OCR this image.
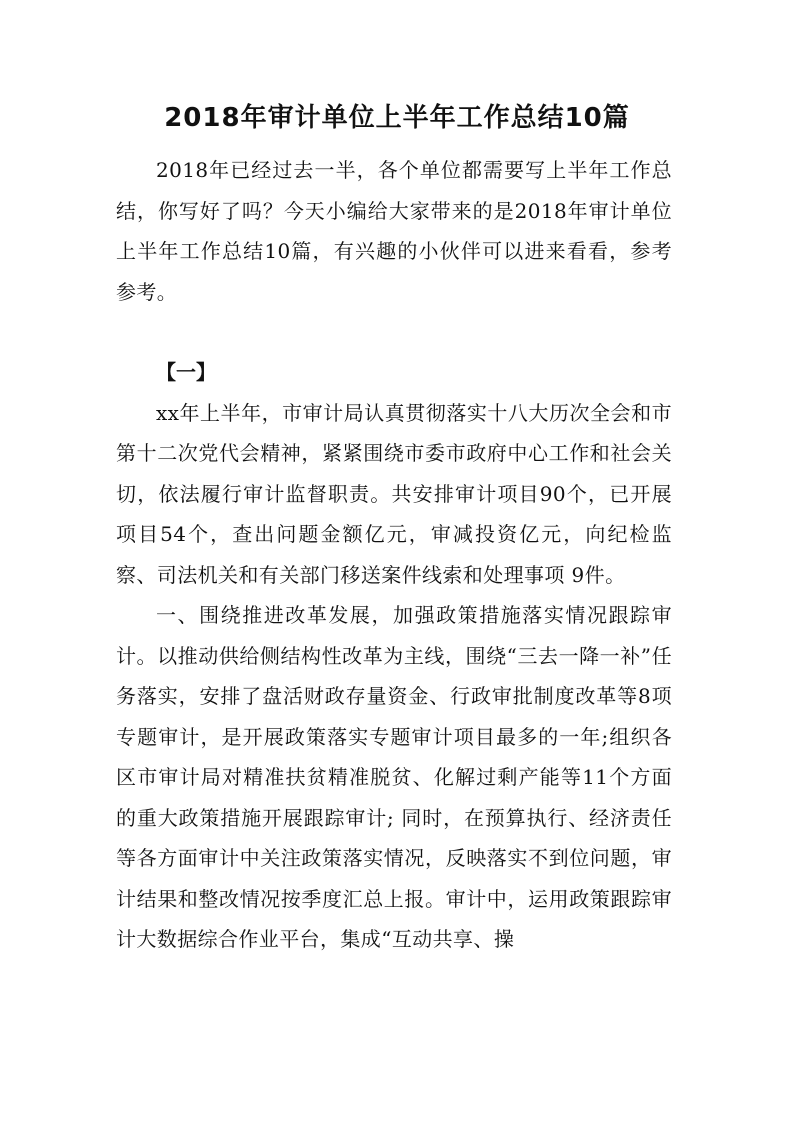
2018年审计单位上半年工作总结10篇

2018年已经过去一半，各个单位都需要写上半年工作总结，你写好了吗？今天小编给大家带来的是2018年审计单位上半年工作总结10篇，有兴趣的小伙伴可以进来看看，参考参考。

【一】

xx年上半年，市审计局认真贯彻落实十八大历次全会和市第十二次党代会精神，紧紧围绕市委市政府中心工作和社会关切，依法履行审计监督职责。共安排审计项目90个，已开展项目54个，查出问题金额亿元，审减投资亿元，向纪检监察、司法机关和有关部门移送案件线索和处理事项 9件。

一、围绕推进改革发展，加强政策措施落实情况跟踪审计。以推动供给侧结构性改革为主线，围绕“三去一降一补”任务落实，安排了盘活财政存量资金、行政审批制度改革等8项专题审计，是开展政策落实专题审计项目最多的一年;组织各区市审计局对精准扶贫精准脱贫、化解过剩产能等11个方面的重大政策措施开展跟踪审计; 同时，在预算执行、经济责任等各方面审计中关注政策落实情况，反映落实不到位问题，审计结果和整改情况按季度汇总上报。审计中，运用政策跟踪审计大数据综合作业平台，集成“互动共享、操
